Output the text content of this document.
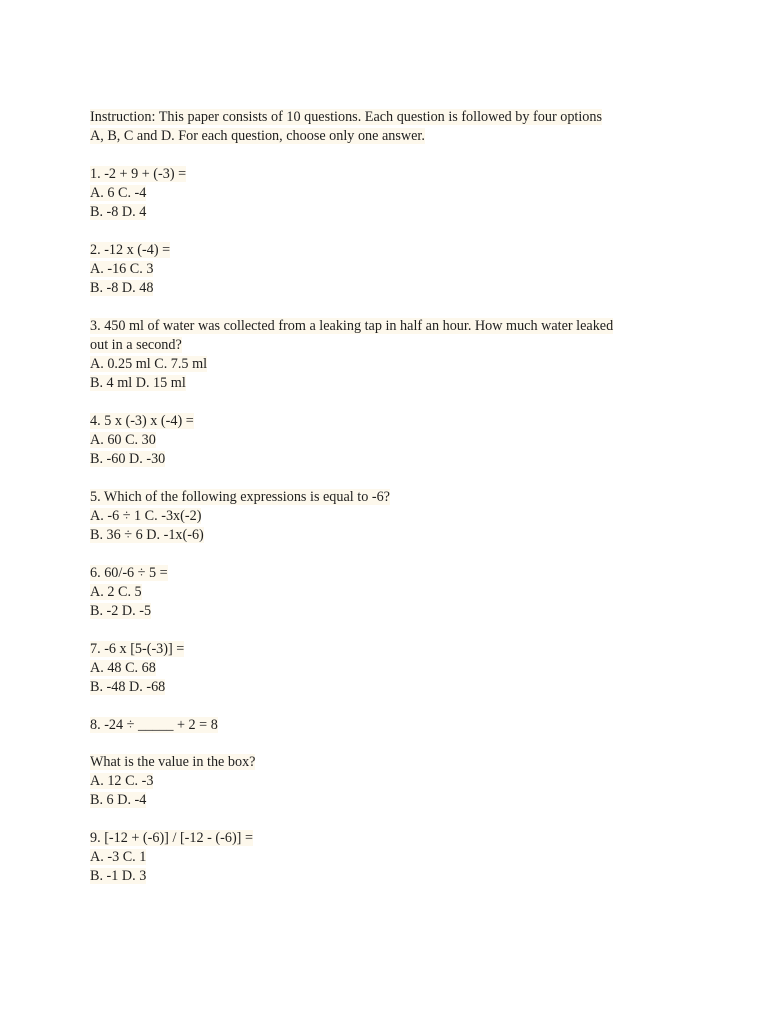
Instruction: This paper consists of 10 questions. Each question is followed by four options
A, B, C and D. For each question, choose only one answer.
1. -2 + 9 + (-3) =
A. 6 C. -4
B. -8 D. 4
2. -12 x (-4) =
A. -16 C. 3
B. -8 D. 48
3. 450 ml of water was collected from a leaking tap in half an hour. How much water leaked
out in a second?
A. 0.25 ml C. 7.5 ml
B. 4 ml D. 15 ml
4. 5 x (-3) x (-4) =
A. 60 C. 30
B. -60 D. -30
5. Which of the following expressions is equal to -6?
A. -6 ÷ 1 C. -3x(-2)
B. 36 ÷ 6 D. -1x(-6)
6. 60/-6 ÷ 5 =
A. 2 C. 5
B. -2 D. -5
7. -6 x [5-(-3)] =
A. 48 C. 68
B. -48 D. -68
8. -24 ÷ _____ + 2 = 8
What is the value in the box?
A. 12 C. -3
B. 6 D. -4
9. [-12 + (-6)] / [-12 - (-6)] =
A. -3 C. 1
B. -1 D. 3
